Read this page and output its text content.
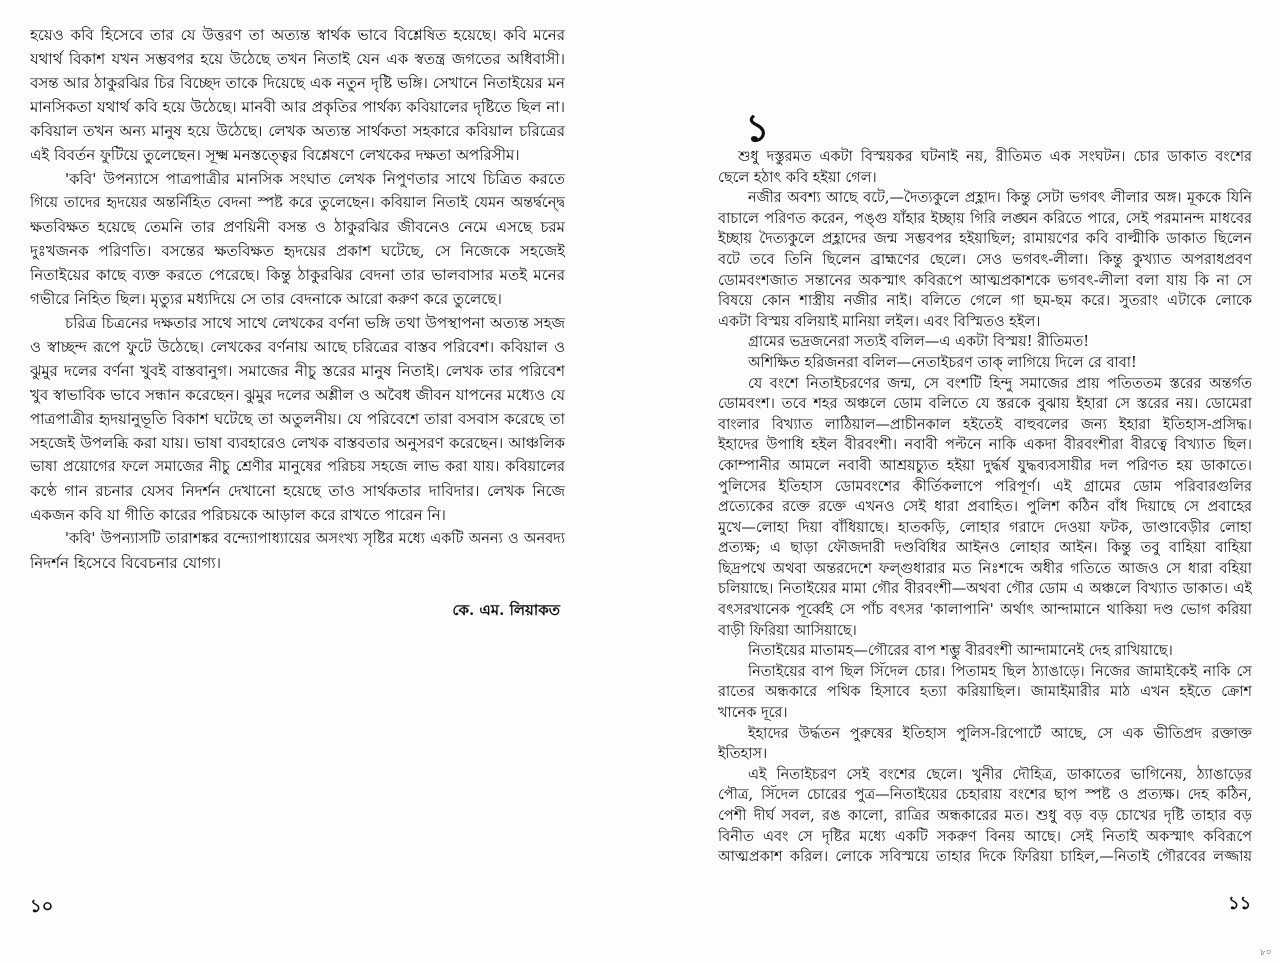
হয়েও কবি হিসেবে তার যে উত্তরণ তা অত্যন্ত স্বার্থক ভাবে বিশ্লেষিত হয়েছে। কবি মনের
যথার্থ বিকাশ যখন সম্ভবপর হয়ে উঠেছে তখন নিতাই যেন এক স্বতন্ত্র জগতের অধিবাসী।
বসন্ত আর ঠাকুরঝির চির বিচ্ছেদ তাকে দিয়েছে এক নতুন দৃষ্টি ভঙ্গি। সেখানে নিতাইয়ের মন
মানসিকতা যথার্থ কবি হয়ে উঠেছে। মানবী আর প্রকৃতির পার্থক্য কবিয়ালের দৃষ্টিতে ছিল না।
কবিয়াল তখন অন্য মানুষ হয়ে উঠেছে। লেখক অত্যন্ত সার্থকতা সহকারে কবিয়াল চরিত্রের
এই বিবর্তন ফুটিয়ে তুলেছেন। সূক্ষ্ম মনস্তত্ত্বের বিশ্লেষণে লেখকের দক্ষতা অপরিসীম।
'কবি' উপন্যাসে পাত্রপাত্রীর মানসিক সংঘাত লেখক নিপুণতার সাথে চিত্রিত করতে
গিয়ে তাদের হৃদয়ের অন্তর্নিহিত বেদনা স্পষ্ট করে তুলেছেন। কবিয়াল নিতাই যেমন অন্তর্দ্বন্দ্বে
ক্ষতবিক্ষত হয়েছে তেমনি তার প্রণয়িনী বসন্ত ও ঠাকুরঝির জীবনেও নেমে এসছে চরম
দুঃখজনক পরিণতি। বসন্তের ক্ষতবিক্ষত হৃদয়ের প্রকাশ ঘটেছে, সে নিজেকে সহজেই
নিতাইয়ের কাছে ব্যক্ত করতে পেরেছে। কিন্তু ঠাকুরঝির বেদনা তার ভালবাসার মতই মনের
গভীরে নিহিত ছিল। মৃত্যুর মধ্যদিয়ে সে তার বেদনাকে আরো করুণ করে তুলেছে।
চরিত্র চিত্রনের দক্ষতার সাথে সাথে লেখকের বর্ণনা ভঙ্গি তথা উপস্থাপনা অত্যন্ত সহজ
ও স্বাচ্ছন্দ রূপে ফুটে উঠেছে। লেখকের বর্ণনায় আছে চরিত্রের বাস্তব পরিবেশ। কবিয়াল ও
ঝুমুর দলের বর্ণনা খুবই বাস্তবানুগ। সমাজের নীচু স্তরের মানুষ নিতাই। লেখক তার পরিবেশ
খুব স্বাভাবিক ভাবে সন্ধান করেছেন। ঝুমুর দলের অশ্লীল ও অবৈধ জীবন যাপনের মধ্যেও যে
পাত্রপাত্রীর হৃদয়ানুভূতি বিকাশ ঘটেছে তা অতুলনীয়। যে পরিবেশে তারা বসবাস করেছে তা
সহজেই উপলব্ধি করা যায়। ভাষা ব্যবহারেও লেখক বাস্তবতার অনুসরণ করেছেন। আঞ্চলিক
ভাষা প্রয়োগের ফলে সমাজের নীচু শ্রেণীর মানুষের পরিচয় সহজে লাভ করা যায়। কবিয়ালের
কণ্ঠে গান রচনার যেসব নিদর্শন দেখানো হয়েছে তাও সার্থকতার দাবিদার। লেখক নিজে
একজন কবি যা গীতি কারের পরিচয়কে আড়াল করে রাখতে পারেন নি।
'কবি' উপন্যাসটি তারাশঙ্কর বন্দ্যোপাধ্যায়ের অসংখ্য সৃষ্টির মধ্যে একটি অনন্য ও অনবদ্য
নিদর্শন হিসেবে বিবেচনার যোগ্য।
কে. এম. লিয়াকত
১০
১
শুধু দস্তুরমত একটা বিস্ময়কর ঘটনাই নয়, রীতিমত এক সংঘটন। চোর ডাকাত বংশের
ছেলে হঠাৎ কবি হইয়া গেল।
নজীর অবশ্য আছে বটে,—দৈত্যকুলে প্রহ্লাদ। কিন্তু সেটা ভগবৎ লীলার অঙ্গ। মূককে যিনি
বাচালে পরিণত করেন, পঙ্গু যাঁহার ইচ্ছায় গিরি লঙ্ঘন করিতে পারে, সেই পরমানন্দ মাধবের
ইচ্ছায় দৈত্যকুলে প্রহ্লাদের জন্ম সম্ভবপর হইয়াছিল; রামায়ণের কবি বাল্মীকি ডাকাত ছিলেন
বটে তবে তিনি ছিলেন ব্রাহ্মণের ছেলে। সেও ভগবৎ-লীলা। কিন্তু কুখ্যাত অপরাধপ্রবণ
ডোমবংশজাত সন্তানের অকস্মাৎ কবিরূপে আত্মপ্রকাশকে ভগবৎ-লীলা বলা যায় কি না সে
বিষয়ে কোন শাস্ত্রীয় নজীর নাই। বলিতে গেলে গা ছম-ছম করে। সুতরাং এটাকে লোকে
একটা বিস্ময় বলিয়াই মানিয়া লইল। এবং বিস্মিতও হইল।
গ্রামের ভদ্রজনেরা সত্যই বলিল—এ একটা বিস্ময়! রীতিমত!
অশিক্ষিত হরিজনরা বলিল—নেতাইচরণ তাক্ লাগিয়ে দিলে রে বাবা!
যে বংশে নিতাইচরণের জন্ম, সে বংশটি হিন্দু সমাজের প্রায় পতিততম স্তরের অন্তর্গত
ডোমবংশ। তবে শহর অঞ্চলে ডোম বলিতে যে স্তরকে বুঝায় ইহারা সে স্তরের নয়। ডোমেরা
বাংলার বিখ্যাত লাঠিয়াল—প্রাচীনকাল হইতেই বাহুবলের জন্য ইহারা ইতিহাস-প্রসিদ্ধ।
ইহাদের উপাধি হইল বীরবংশী। নবাবী পল্টনে নাকি একদা বীরবংশীরা বীরত্বে বিখ্যাত ছিল।
কোম্পানীর আমলে নবাবী আশ্রয়চ্যুত হইয়া দুর্দ্ধর্ষ যুদ্ধব্যবসায়ীর দল পরিণত হয় ডাকাতে।
পুলিসের ইতিহাস ডোমবংশের কীর্তিকলাপে পরিপূর্ণ। এই গ্রামের ডোম পরিবারগুলির
প্রত্যেকের রক্তে রক্তে এখনও সেই ধারা প্রবাহিত। পুলিশ কঠিন বাঁধ দিয়াছে সে প্রবাহের
মুখে—লোহা দিয়া বাঁধিয়াছে। হাতকড়ি, লোহার গরাদে দেওয়া ফটক, ডাণ্ডাবেড়ীর লোহা
প্রত্যক্ষ; এ ছাড়া ফৌজদারী দণ্ডবিধির আইনও লোহার আইন। কিন্তু তবু বাহিয়া বাহিয়া
ছিদ্রপথে অথবা অন্তরদেশে ফল্গুধারার মত নিঃশব্দে অধীর গতিতে আজও সে ধারা বহিয়া
চলিয়াছে। নিতাইয়ের মামা গৌর বীরবংশী—অথবা গৌর ডোম এ অঞ্চলে বিখ্যাত ডাকাত। এই
বৎসরখানেক পূর্ব্বেই সে পাঁচ বৎসর 'কালাপানি' অর্থাৎ আন্দামানে থাকিয়া দণ্ড ভোগ করিয়া
বাড়ী ফিরিয়া আসিয়াছে।
নিতাইয়ের মাতামহ—গৌরের বাপ শম্ভু বীরবংশী আন্দামানেই দেহ রাখিয়াছে।
নিতাইয়ের বাপ ছিল সিঁদেল চোর। পিতামহ ছিল ঠ্যাঙাড়ে। নিজের জামাইকেই নাকি সে
রাতের অন্ধকারে পথিক হিসাবে হত্যা করিয়াছিল। জামাইমারীর মাঠ এখন হইতে ক্রোশ
খানেক দূরে।
ইহাদের উর্দ্ধতন পুরুষের ইতিহাস পুলিস-রিপোর্টে আছে, সে এক ভীতিপ্রদ রক্তাক্ত
ইতিহাস।
এই নিতাইচরণ সেই বংশের ছেলে। খুনীর দৌহিত্র, ডাকাতের ভাগিনেয়, ঠ্যাঙাড়ের
পৌত্র, সিঁদেল চোরের পুত্র—নিতাইয়ের চেহারায় বংশের ছাপ স্পষ্ট ও প্রত্যক্ষ। দেহ কঠিন,
পেশী দীর্ঘ সবল, রঙ কালো, রাত্রির অন্ধকারের মত। শুধু বড় বড় চোখের দৃষ্টি তাহার বড়
বিনীত এবং সে দৃষ্টির মধ্যে একটি সকরুণ বিনয় আছে। সেই নিতাই অকস্মাৎ কবিরূপে
আত্মপ্রকাশ করিল। লোকে সবিস্ময়ে তাহার দিকে ফিরিয়া চাহিল,—নিতাই গৌরবের লজ্জায়
১১
৮০
